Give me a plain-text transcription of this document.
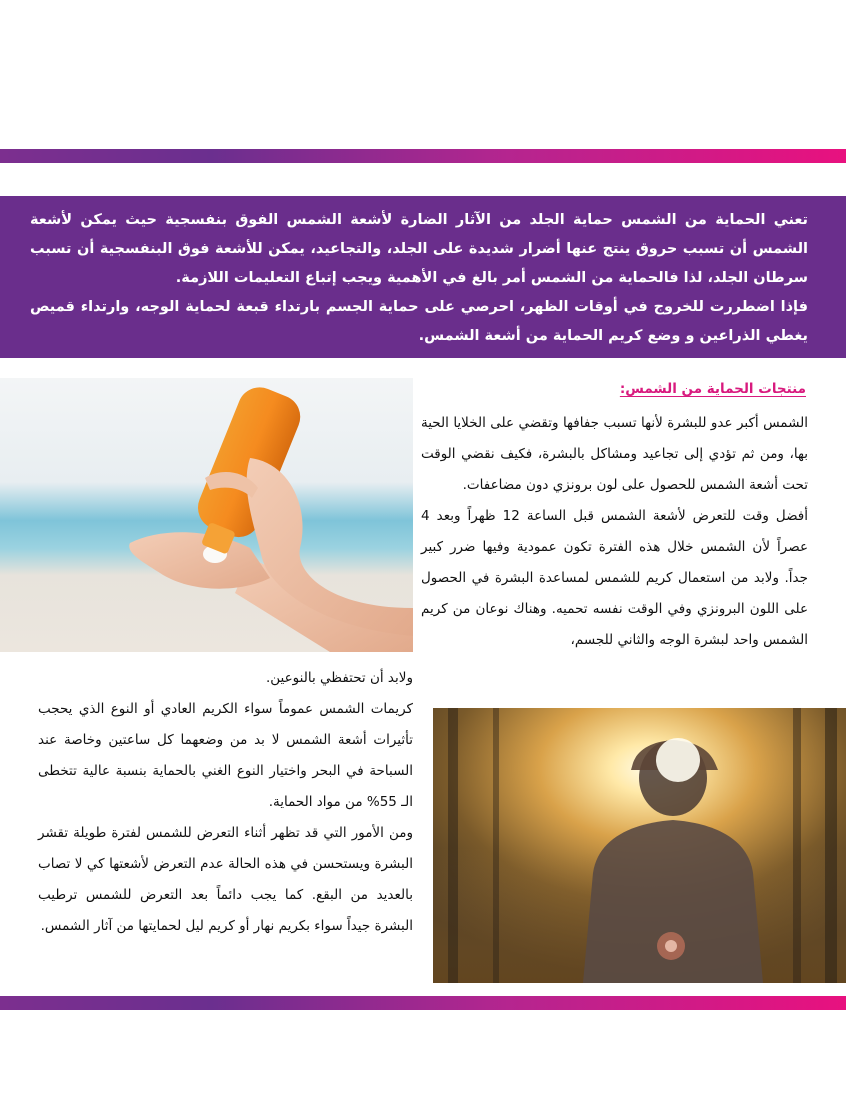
تعني الحماية من الشمس حماية الجلد من الآثار الضارة لأشعة الشمس الفوق بنفسجية حيث يمكن لأشعة الشمس أن تسبب حروق ينتج عنها أضرار شديدة على الجلد، والتجاعيد، يمكن للأشعة فوق البنفسجية أن تسبب سرطان الجلد، لذا فالحماية من الشمس أمر بالغ في الأهمية ويجب إتباع التعليمات اللازمة.

فإذا اضطررت للخروج في أوقات الظهر، احرصي على حماية الجسم بارتداء قبعة لحماية الوجه، وارتداء قميص يغطي الذراعين و وضع كريم الحماية من أشعة الشمس.

منتجات الحماية من الشمس:

الشمس أكبر عدو للبشرة لأنها تسبب جفافها وتقضي على الخلايا الحية بها، ومن ثم تؤدي إلى تجاعيد ومشاكل بالبشرة، فكيف نقضي الوقت تحت أشعة الشمس للحصول على لون برونزي دون مضاعفات.

أفضل وقت للتعرض لأشعة الشمس قبل الساعة 12 ظهراً وبعد 4 عصراً لأن الشمس خلال هذه الفترة تكون عمودية وفيها ضرر كبير جداً. ولابد من استعمال كريم للشمس لمساعدة البشرة في الحصول على اللون البرونزي وفي الوقت نفسه تحميه. وهناك نوعان من كريم الشمس واحد لبشرة الوجه والثاني للجسم،

ولابد أن تحتفظي بالنوعين.

كريمات الشمس عموماً سواء الكريم العادي أو النوع الذي يحجب تأثيرات أشعة الشمس لا بد من وضعهما كل ساعتين وخاصة عند السباحة في البحر واختيار النوع الغني بالحماية بنسبة عالية تتخطى الـ 55% من مواد الحماية.

ومن الأمور التي قد تظهر أثناء التعرض للشمس لفترة طويلة تقشر البشرة ويستحسن في هذه الحالة عدم التعرض لأشعتها كي لا تصاب بالعديد من البقع. كما يجب دائماً بعد التعرض للشمس ترطيب البشرة جيداً سواء بكريم نهار أو كريم ليل لحمايتها من آثار الشمس.
